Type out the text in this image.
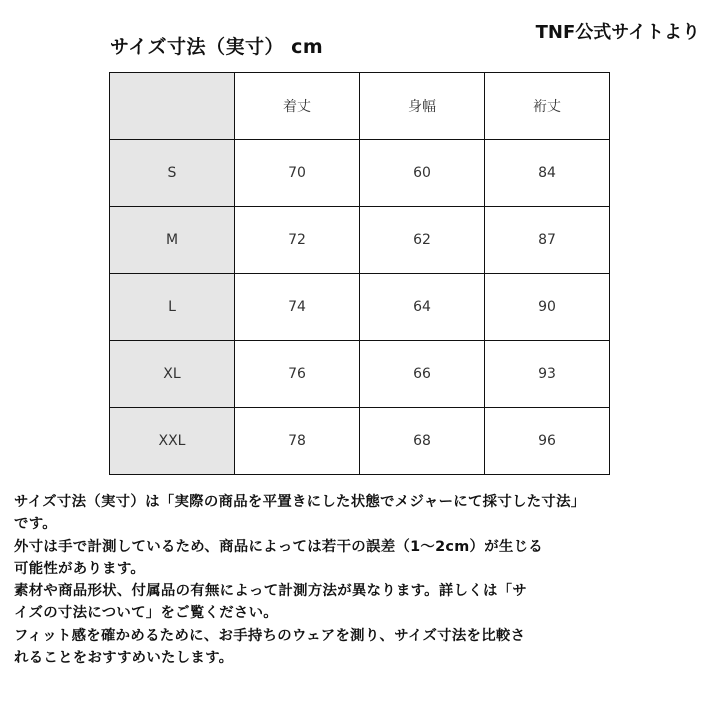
サイズ寸法（実寸） cm
TNF公式サイトより
	着丈	身幅	裄丈
S	70	60	84
M	72	62	87
L	74	64	90
XL	76	66	93
XXL	78	68	96
サイズ寸法（実寸）は「実際の商品を平置きにした状態でメジャーにて採寸した寸法」
です。
外寸は手で計測しているため、商品によっては若干の誤差（1〜2cm）が生じる
可能性があります。
素材や商品形状、付属品の有無によって計測方法が異なります。詳しくは「サ
イズの寸法について」をご覧ください。
フィット感を確かめるために、お手持ちのウェアを測り、サイズ寸法を比較さ
れることをおすすめいたします。
